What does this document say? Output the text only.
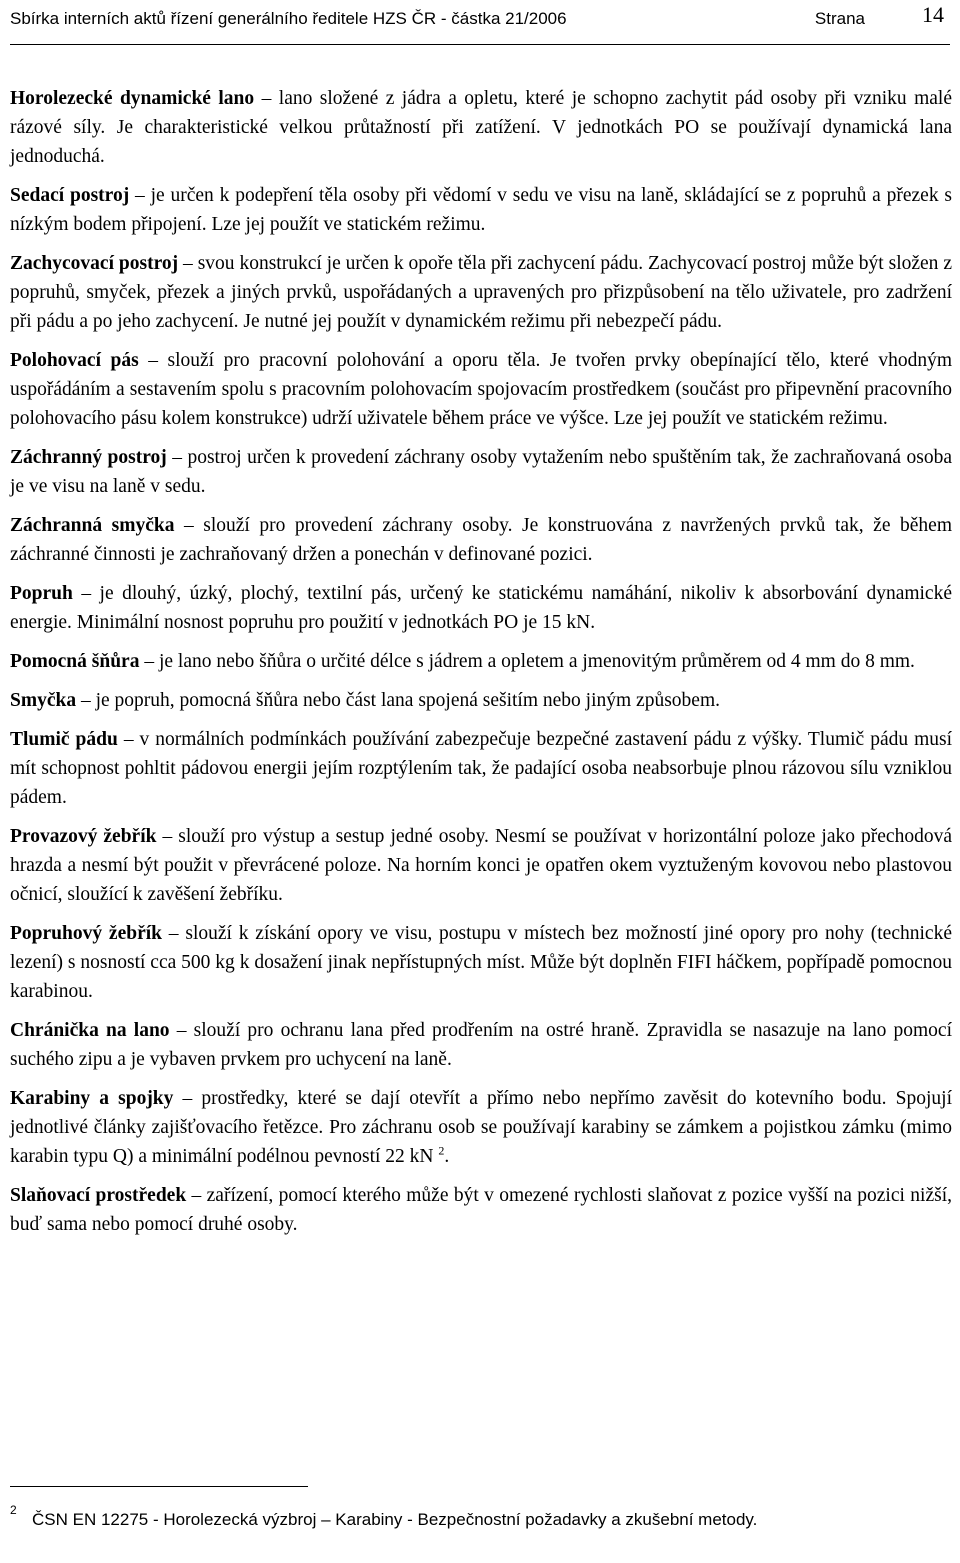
Sbírka interních aktů řízení generálního ředitele HZS ČR - částka 21/2006	Strana	14

Horolezecké dynamické lano – lano složené z jádra a opletu, které je schopno zachytit pád osoby při vzniku malé rázové síly. Je charakteristické velkou průtažností při zatížení. V jednotkách PO se používají dynamická lana jednoduchá.

Sedací postroj – je určen k podepření těla osoby při vědomí v sedu ve visu na laně, skládající se z popruhů a přezek s nízkým bodem připojení. Lze jej použít ve statickém režimu.

Zachycovací postroj – svou konstrukcí je určen k opoře těla při zachycení pádu. Zachycovací postroj může být složen z popruhů, smyček, přezek a jiných prvků, uspořádaných a upravených pro přizpůsobení na tělo uživatele, pro zadržení při pádu a po jeho zachycení. Je nutné jej použít v dynamickém režimu při nebezpečí pádu.

Polohovací pás – slouží pro pracovní polohování a oporu těla. Je tvořen prvky obepínající tělo, které vhodným uspořádáním a sestavením spolu s pracovním polohovacím spojovacím prostředkem (součást pro připevnění pracovního polohovacího pásu kolem konstrukce) udrží uživatele během práce ve výšce. Lze jej použít ve statickém režimu.

Záchranný postroj – postroj určen k provedení záchrany osoby vytažením nebo spuštěním tak, že zachraňovaná osoba je ve visu na laně v sedu.

Záchranná smyčka – slouží pro provedení záchrany osoby. Je konstruována z navržených prvků tak, že během záchranné činnosti je zachraňovaný držen a ponechán v definované pozici.

Popruh – je dlouhý, úzký, plochý, textilní pás, určený ke statickému namáhání, nikoliv k absorbování dynamické energie. Minimální nosnost popruhu pro použití v jednotkách PO je 15 kN.

Pomocná šňůra – je lano nebo šňůra o určité délce s jádrem a opletem a jmenovitým průměrem od 4 mm do 8 mm.

Smyčka – je popruh, pomocná šňůra nebo část lana spojená sešitím nebo jiným způsobem.

Tlumič pádu – v normálních podmínkách používání zabezpečuje bezpečné zastavení pádu z výšky. Tlumič pádu musí mít schopnost pohltit pádovou energii jejím rozptýlením tak, že padající osoba neabsorbuje plnou rázovou sílu vzniklou pádem.

Provazový žebřík – slouží pro výstup a sestup jedné osoby. Nesmí se používat v horizontální poloze jako přechodová hrazda a nesmí být použit v převrácené poloze. Na horním konci je opatřen okem vyztuženým kovovou nebo plastovou očnicí, sloužící k zavěšení žebříku.

Popruhový žebřík – slouží k získání opory ve visu, postupu v místech bez možností jiné opory pro nohy (technické lezení) s nosností cca 500 kg k dosažení jinak nepřístupných míst. Může být doplněn FIFI háčkem, popřípadě pomocnou karabinou.

Chránička na lano – slouží pro ochranu lana před prodřením na ostré hraně. Zpravidla se nasazuje na lano pomocí suchého zipu a je vybaven prvkem pro uchycení na laně.

Karabiny a spojky – prostředky, které se dají otevřít a přímo nebo nepřímo zavěsit do kotevního bodu. Spojují jednotlivé články zajišťovacího řetězce. Pro záchranu osob se používají karabiny se zámkem a pojistkou zámku (mimo karabin typu Q) a minimální podélnou pevností 22 kN $^2$.

Slaňovací prostředek – zařízení, pomocí kterého může být v omezené rychlosti slaňovat z pozice vyšší na pozici nižší, buď sama nebo pomocí druhé osoby.

2 ČSN EN 12275 - Horolezecká výzbroj – Karabiny - Bezpečnostní požadavky a zkušební metody.
